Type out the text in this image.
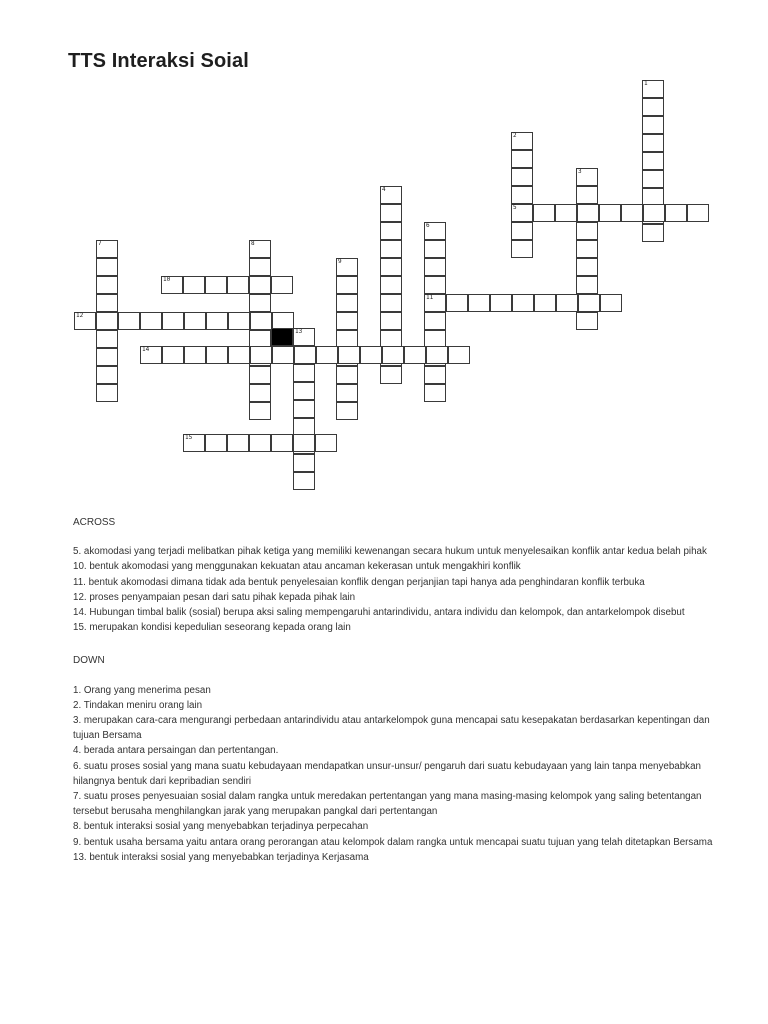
TTS Interaksi Soial
1
2
3
4
5
6
7	8
9
10
11
12
13
14
15
ACROSS

5. akomodasi yang terjadi melibatkan pihak ketiga yang memiliki kewenangan secara hukum untuk menyelesaikan konflik antar kedua belah pihak

10. bentuk akomodasi yang menggunakan kekuatan atau ancaman kekerasan untuk mengakhiri konflik

11. bentuk akomodasi dimana tidak ada bentuk penyelesaian konflik dengan perjanjian tapi hanya ada penghindaran konflik terbuka

12. proses penyampaian pesan dari satu pihak kepada pihak lain

14. Hubungan timbal balik (sosial) berupa aksi saling mempengaruhi antarindividu, antara individu dan kelompok, dan antarkelompok disebut

15. merupakan kondisi kepedulian seseorang kepada orang lain

DOWN

1. Orang yang menerima pesan

2. Tindakan meniru orang lain

3. merupakan cara-cara mengurangi perbedaan antarindividu atau antarkelompok guna mencapai satu kesepakatan berdasarkan kepentingan dan tujuan Bersama

4. berada antara persaingan dan pertentangan.

6. suatu proses sosial yang mana suatu kebudayaan mendapatkan unsur-unsur/ pengaruh dari suatu kebudayaan yang lain tanpa menyebabkan hilangnya bentuk dari kepribadian sendiri

7. suatu proses penyesuaian sosial dalam rangka untuk meredakan pertentangan yang mana masing-masing kelompok yang saling betentangan tersebut berusaha menghilangkan jarak yang merupakan pangkal dari pertentangan

8. bentuk interaksi sosial yang menyebabkan terjadinya perpecahan

9. bentuk usaha bersama yaitu antara orang perorangan atau kelompok dalam rangka untuk mencapai suatu tujuan yang telah ditetapkan Bersama

13. bentuk interaksi sosial yang menyebabkan terjadinya Kerjasama
